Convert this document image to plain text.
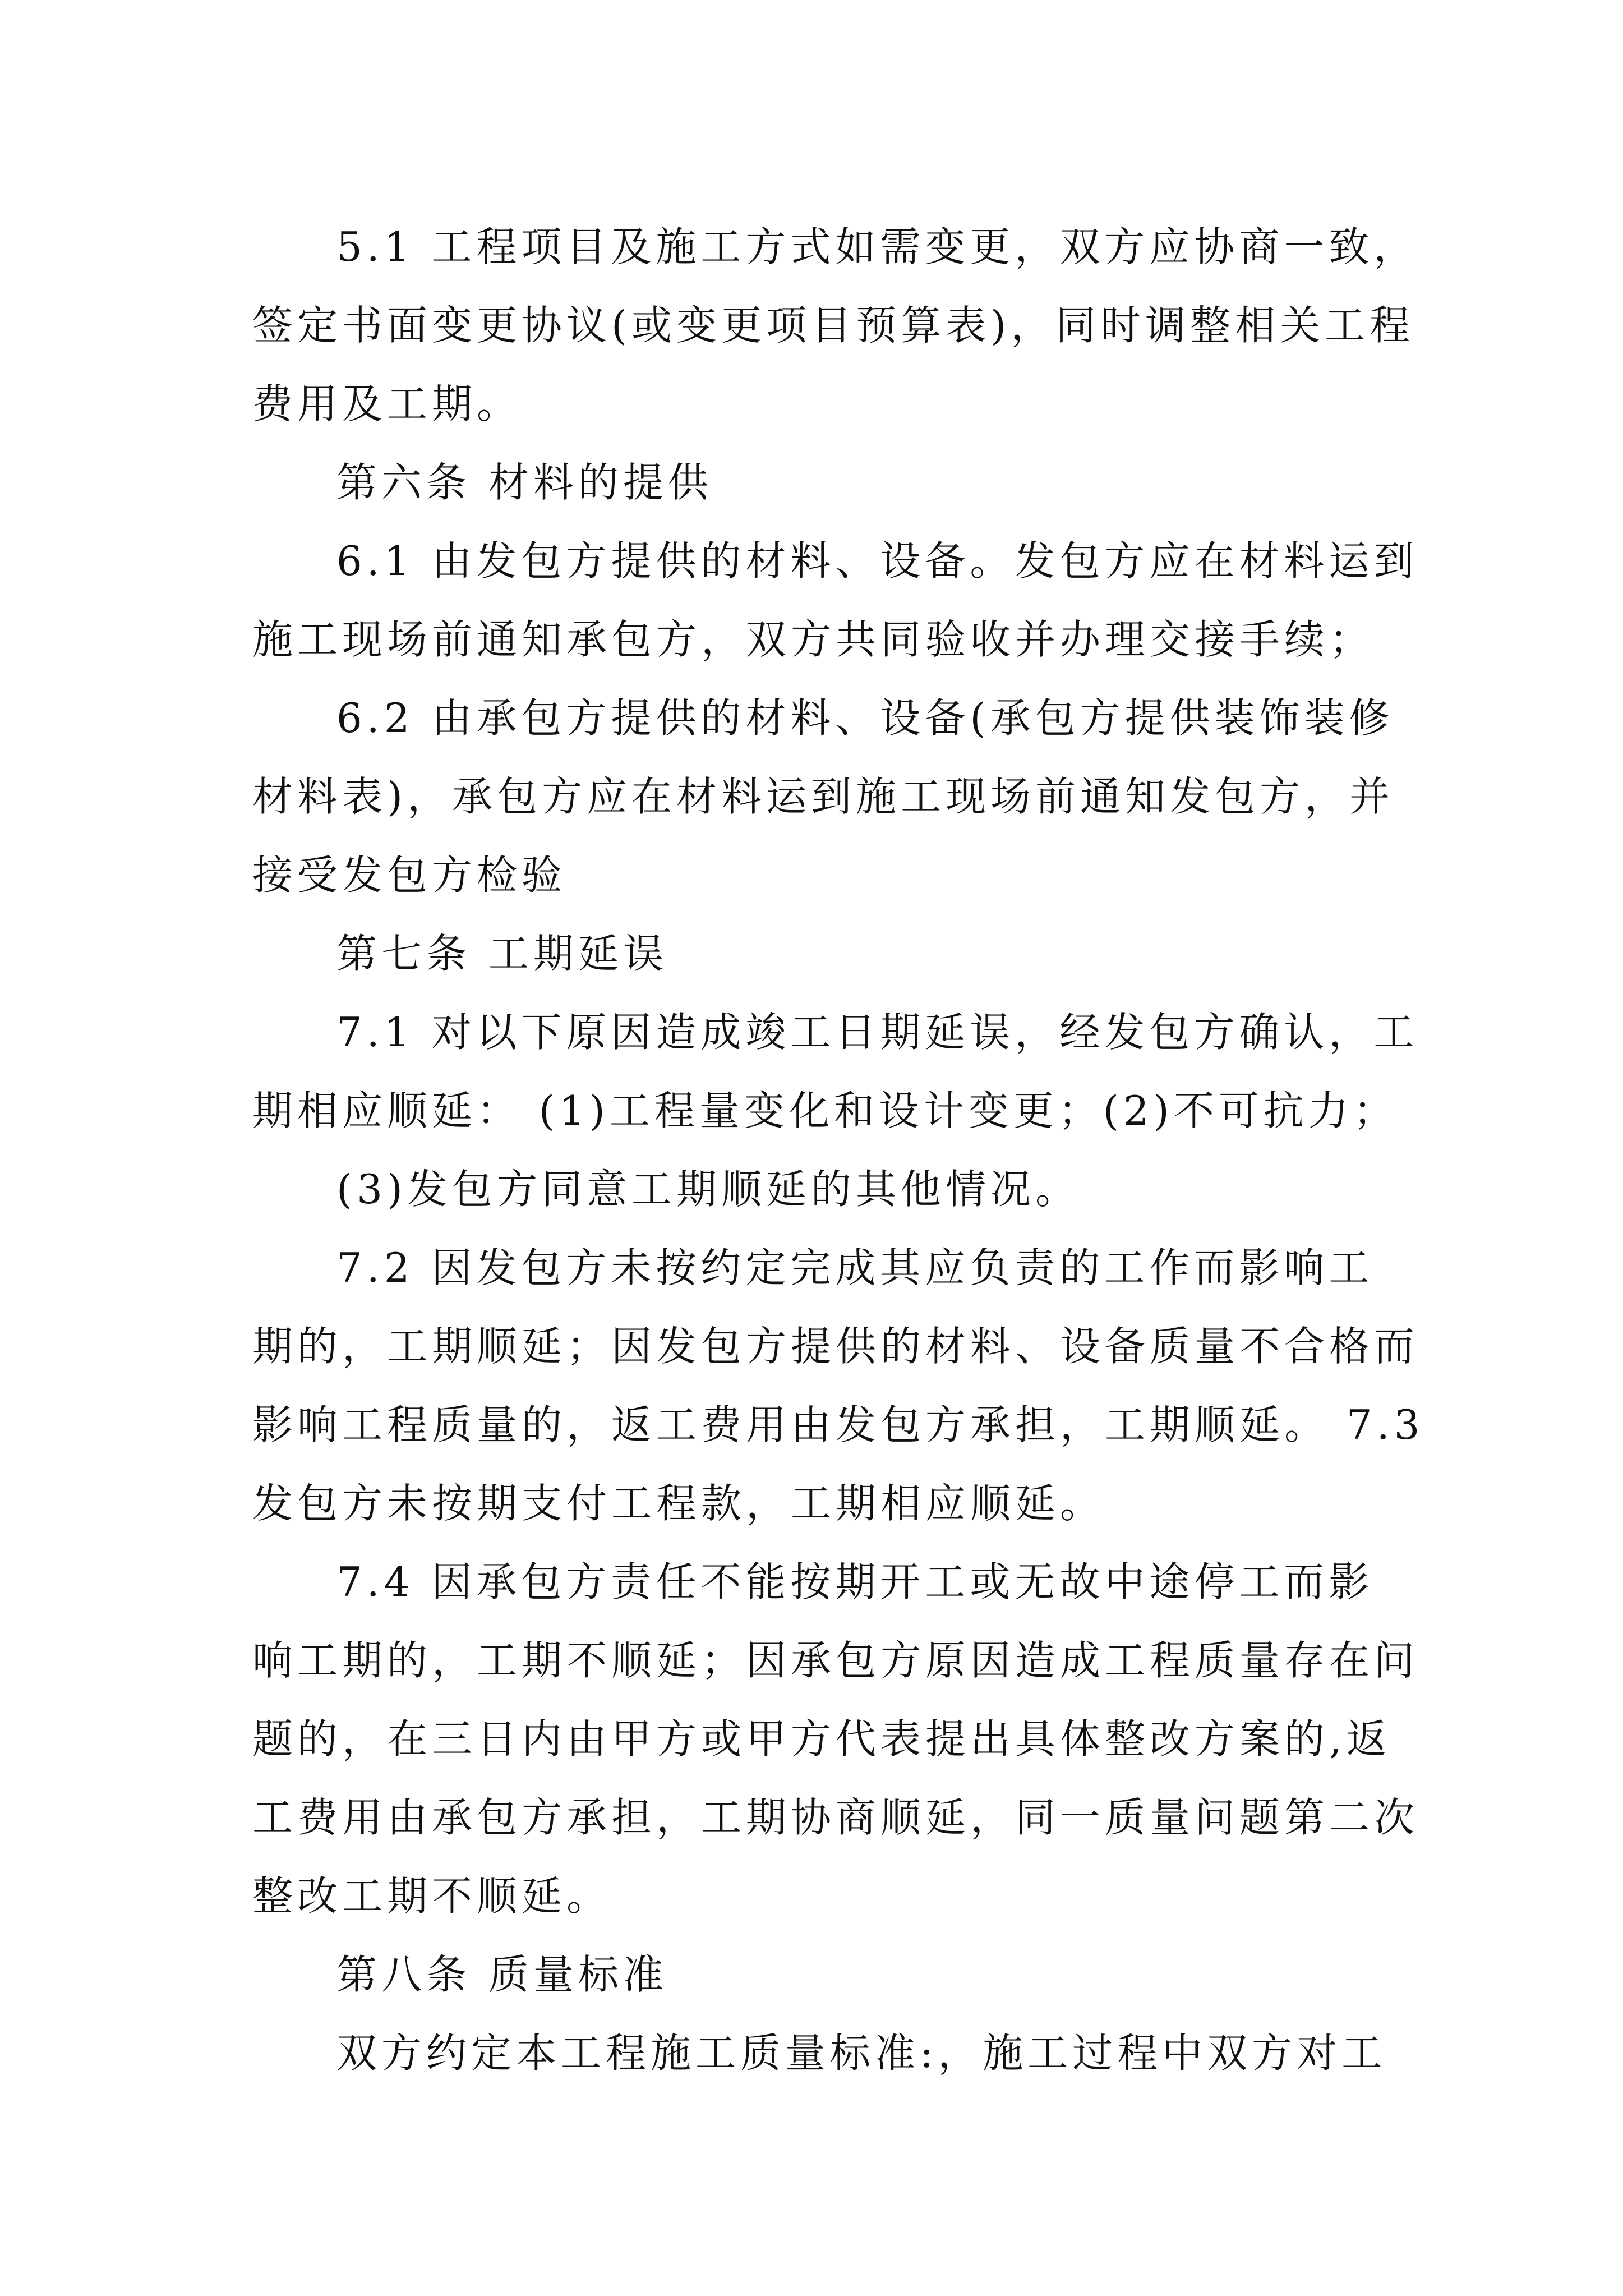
5.1 工程项目及施工方式如需变更，双方应协商一致，
签定书面变更协议(或变更项目预算表)，同时调整相关工程
费用及工期。
第六条 材料的提供
6.1 由发包方提供的材料、设备。发包方应在材料运到
施工现场前通知承包方，双方共同验收并办理交接手续；
6.2 由承包方提供的材料、设备(承包方提供装饰装修
材料表)，承包方应在材料运到施工现场前通知发包方，并
接受发包方检验
第七条 工期延误
7.1 对以下原因造成竣工日期延误，经发包方确认，工
期相应顺延： (1)工程量变化和设计变更；(2)不可抗力；
(3)发包方同意工期顺延的其他情况。
7.2 因发包方未按约定完成其应负责的工作而影响工
期的，工期顺延；因发包方提供的材料、设备质量不合格而
影响工程质量的，返工费用由发包方承担，工期顺延。 7.3
发包方未按期支付工程款，工期相应顺延。
7.4 因承包方责任不能按期开工或无故中途停工而影
响工期的，工期不顺延；因承包方原因造成工程质量存在问
题的，在三日内由甲方或甲方代表提出具体整改方案的,返
工费用由承包方承担，工期协商顺延，同一质量问题第二次
整改工期不顺延。
第八条 质量标准
双方约定本工程施工质量标准:，施工过程中双方对工
